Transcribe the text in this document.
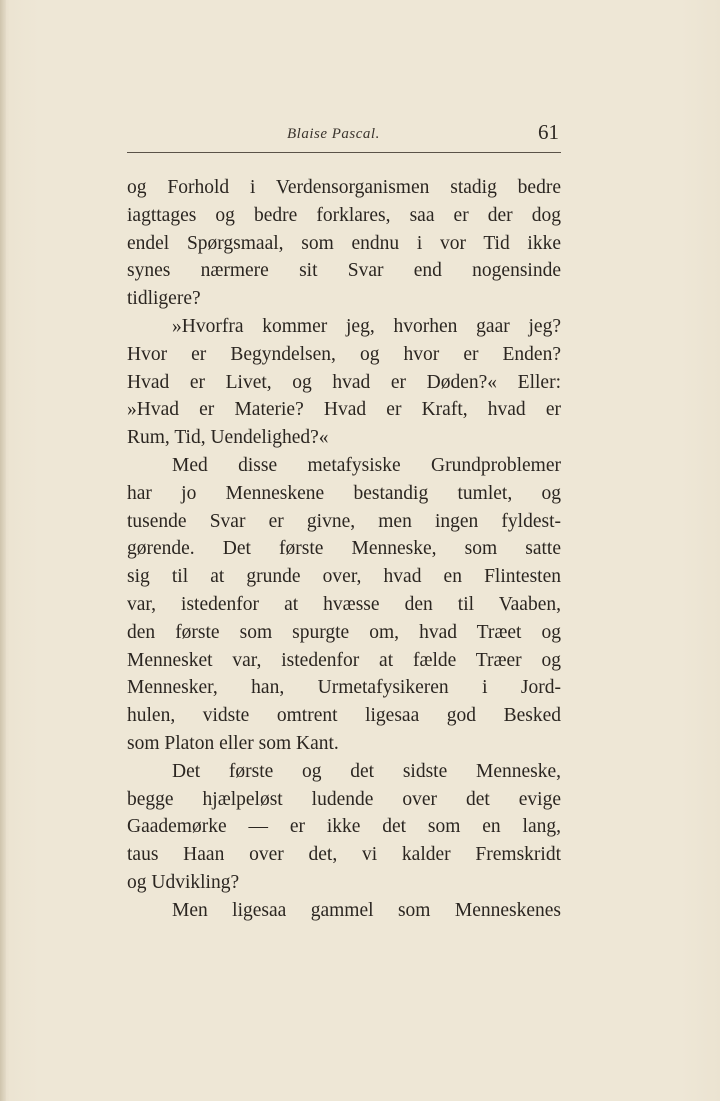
Blaise Pascal.	61
og Forhold i Verdensorganismen stadig bedre
iagttages og bedre forklares, saa er der dog
endel Spørgsmaal, som endnu i vor Tid ikke
synes nærmere sit Svar end nogensinde
tidligere?
»Hvorfra kommer jeg, hvorhen gaar jeg?
Hvor er Begyndelsen, og hvor er Enden?
Hvad er Livet, og hvad er Døden?« Eller:
»Hvad er Materie? Hvad er Kraft, hvad er
Rum, Tid, Uendelighed?«
Med disse metafysiske Grundproblemer
har jo Menneskene bestandig tumlet, og
tusende Svar er givne, men ingen fyldest-
gørende. Det første Menneske, som satte
sig til at grunde over, hvad en Flintesten
var, istedenfor at hvæsse den til Vaaben,
den første som spurgte om, hvad Træet og
Mennesket var, istedenfor at fælde Træer og
Mennesker, han, Urmetafysikeren i Jord-
hulen, vidste omtrent ligesaa god Besked
som Platon eller som Kant.
Det første og det sidste Menneske,
begge hjælpeløst ludende over det evige
Gaademørke — er ikke det som en lang,
taus Haan over det, vi kalder Fremskridt
og Udvikling?
Men ligesaa gammel som Menneskenes
